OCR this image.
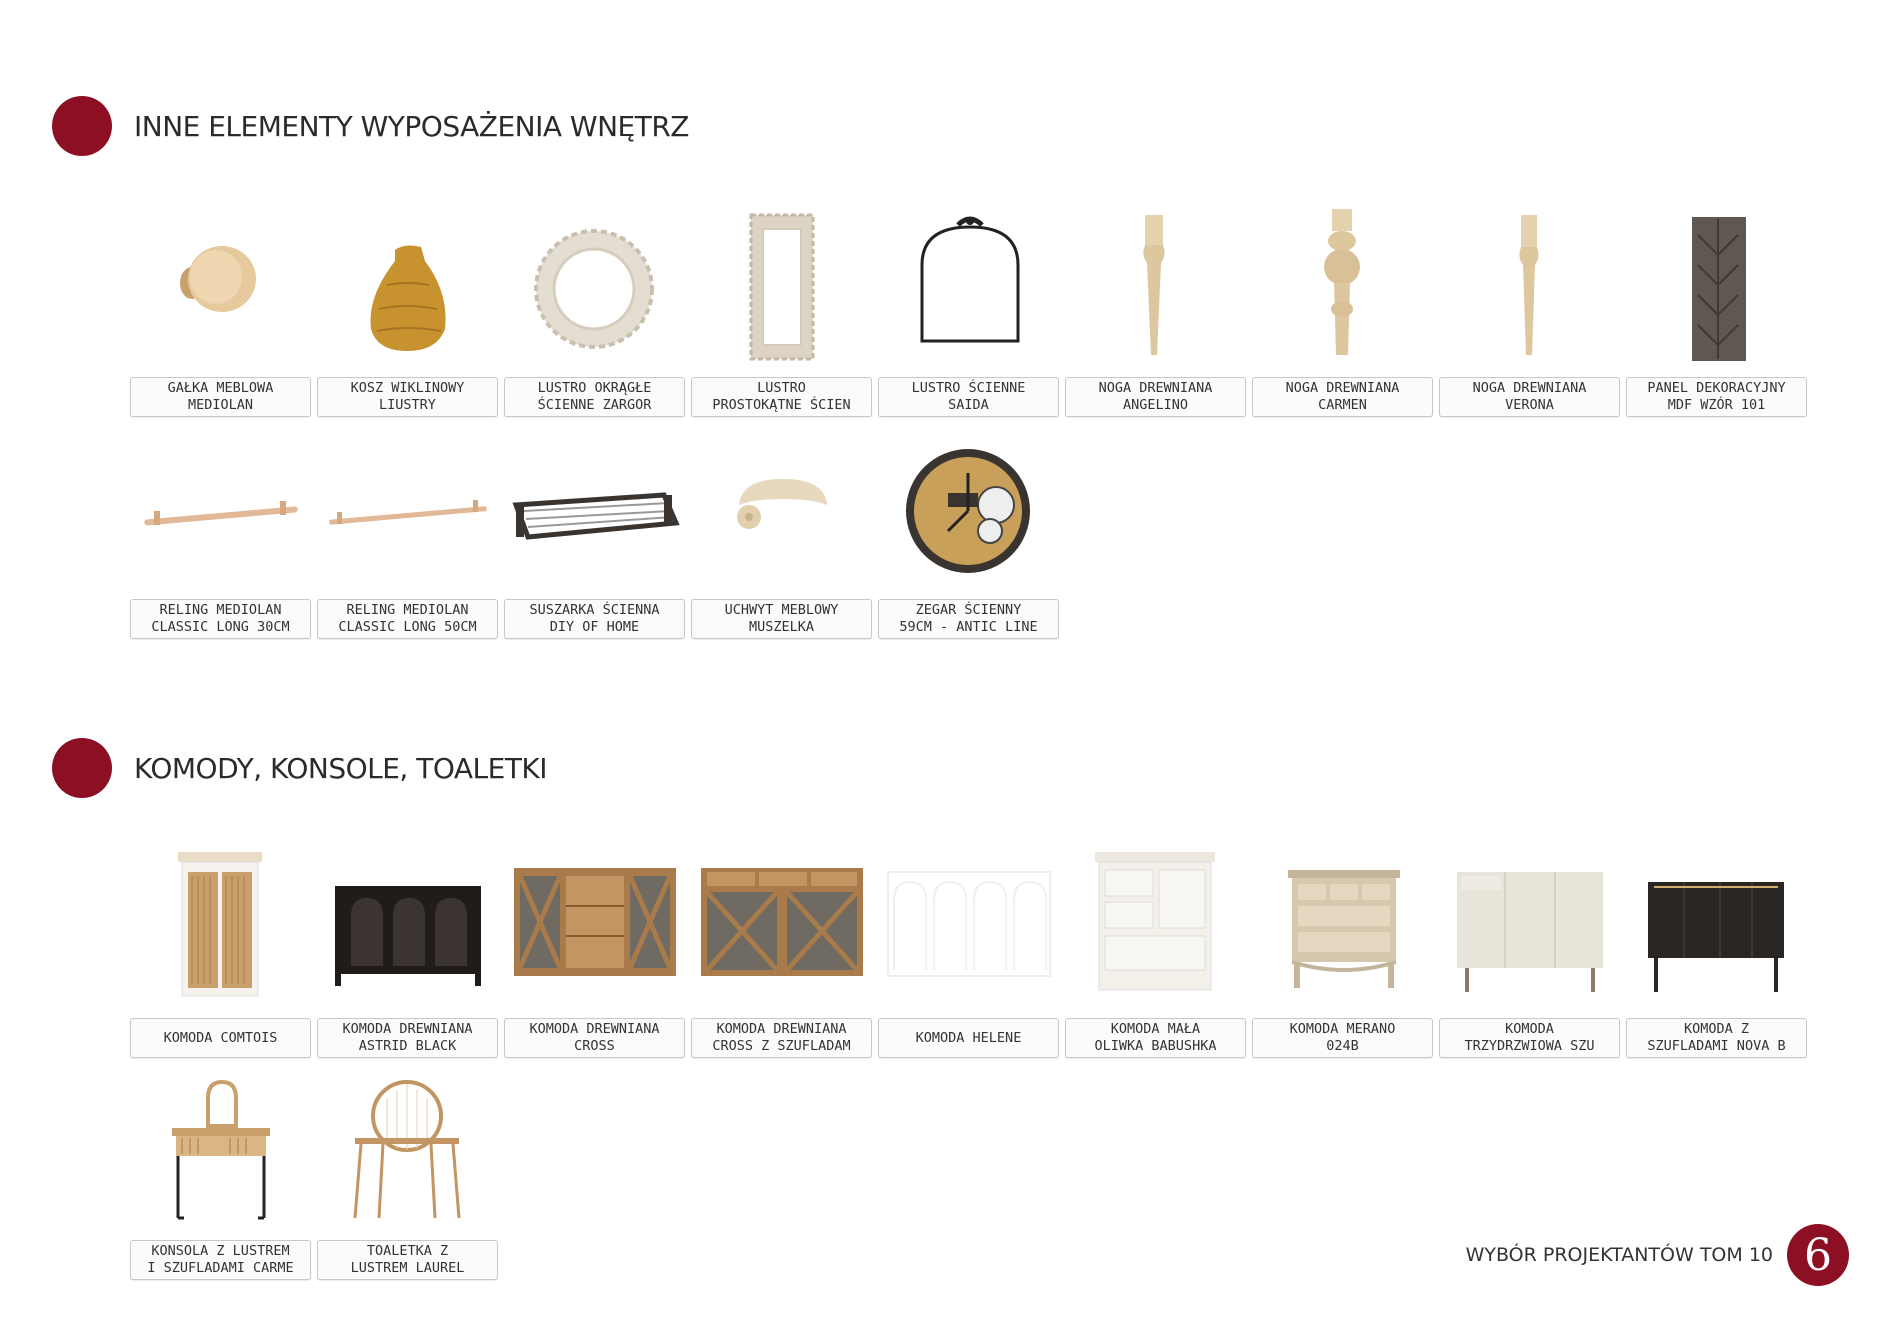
INNE ELEMENTY WYPOSAŻENIA WNĘTRZ
GAŁKA MEBLOWA
MEDIOLAN
KOSZ WIKLINOWY
LIUSTRY
LUSTRO OKRĄGŁE
ŚCIENNE ZARGOR
LUSTRO
PROSTOKĄTNE ŚCIEN
LUSTRO ŚCIENNE
SAIDA
NOGA DREWNIANA
ANGELINO
NOGA DREWNIANA
CARMEN
NOGA DREWNIANA
VERONA
PANEL DEKORACYJNY
MDF WZÓR 101
RELING MEDIOLAN
CLASSIC LONG 30CM
RELING MEDIOLAN
CLASSIC LONG 50CM
SUSZARKA ŚCIENNA
DIY OF HOME
UCHWYT MEBLOWY
MUSZELKA
ZEGAR ŚCIENNY
59CM - ANTIC LINE
KOMODY, KONSOLE, TOALETKI
KOMODA COMTOIS
KOMODA DREWNIANA
ASTRID BLACK
KOMODA DREWNIANA
CROSS
KOMODA DREWNIANA
CROSS Z SZUFLADAM
KOMODA HELENE
KOMODA MAŁA
OLIWKA BABUSHKA
KOMODA MERANO
024B
KOMODA
TRZYDRZWIOWA SZU
KOMODA Z
SZUFLADAMI NOVA B
KONSOLA Z LUSTREM
I SZUFLADAMI CARME
TOALETKA Z
LUSTREM LAUREL
WYBÓR PROJEKTANTÓW TOM 10 6
